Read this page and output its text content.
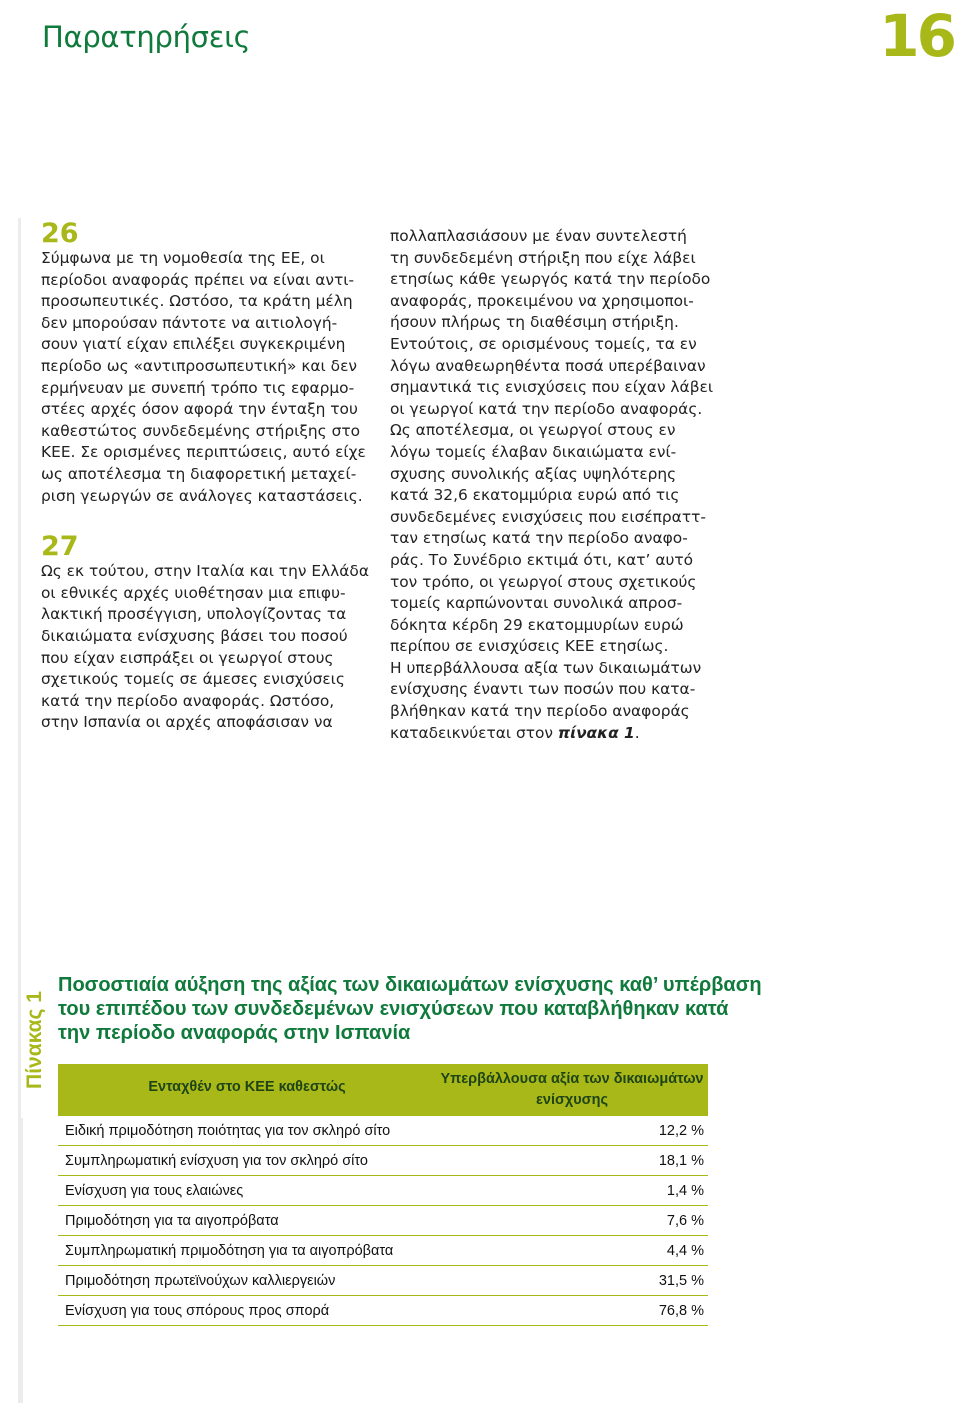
Παρατηρήσεις	16
26
Σύμφωνα με τη νομοθεσία της ΕΕ, οι
περίοδοι αναφοράς πρέπει να είναι αντι-
προσωπευτικές. Ωστόσο, τα κράτη μέλη
δεν μπορούσαν πάντοτε να αιτιολογή-
σουν γιατί είχαν επιλέξει συγκεκριμένη
περίοδο ως «αντιπροσωπευτική» και δεν
ερμήνευαν με συνεπή τρόπο τις εφαρμο-
στέες αρχές όσον αφορά την ένταξη του
καθεστώτος συνδεδεμένης στήριξης στο
ΚΕΕ. Σε ορισμένες περιπτώσεις, αυτό είχε
ως αποτέλεσμα τη διαφορετική μεταχεί-
ριση γεωργών σε ανάλογες καταστάσεις.
27
Ως εκ τούτου, στην Ιταλία και την Ελλάδα
οι εθνικές αρχές υιοθέτησαν μια επιφυ-
λακτική προσέγγιση, υπολογίζοντας τα
δικαιώματα ενίσχυσης βάσει του ποσού
που είχαν εισπράξει οι γεωργοί στους
σχετικούς τομείς σε άμεσες ενισχύσεις
κατά την περίοδο αναφοράς. Ωστόσο,
στην Ισπανία οι αρχές αποφάσισαν να
πολλαπλασιάσουν με έναν συντελεστή
τη συνδεδεμένη στήριξη που είχε λάβει
ετησίως κάθε γεωργός κατά την περίοδο
αναφοράς, προκειμένου να χρησιμοποι-
ήσουν πλήρως τη διαθέσιμη στήριξη.
Εντούτοις, σε ορισμένους τομείς, τα εν
λόγω αναθεωρηθέντα ποσά υπερέβαιναν
σημαντικά τις ενισχύσεις που είχαν λάβει
οι γεωργοί κατά την περίοδο αναφοράς.
Ως αποτέλεσμα, οι γεωργοί στους εν
λόγω τομείς έλαβαν δικαιώματα ενί-
σχυσης συνολικής αξίας υψηλότερης
κατά 32,6 εκατομμύρια ευρώ από τις
συνδεδεμένες ενισχύσεις που εισέπραττ-
ταν ετησίως κατά την περίοδο αναφο-
ράς. Το Συνέδριο εκτιμά ότι, κατ’ αυτό
τον τρόπο, οι γεωργοί στους σχετικούς
τομείς καρπώνονται συνολικά απροσ-
δόκητα κέρδη 29 εκατομμυρίων ευρώ
περίπου σε ενισχύσεις ΚΕΕ ετησίως.
Η υπερβάλλουσα αξία των δικαιωμάτων
ενίσχυσης έναντι των ποσών που κατα-
βλήθηκαν κατά την περίοδο αναφοράς
καταδεικνύεται στον πίνακα 1.
Πίνακας 1
Ποσοστιαία αύξηση της αξίας των δικαιωμάτων ενίσχυσης καθ’ υπέρβαση
του επιπέδου των συνδεδεμένων ενισχύσεων που καταβλήθηκαν κατά
την περίοδο αναφοράς στην Ισπανία
Ενταχθέν στο ΚΕΕ καθεστώς	Υπερβάλλουσα αξία των δικαιωμάτων ενίσχυσης
Ειδική πριμοδότηση ποιότητας για τον σκληρό σίτο	12,2 %
Συμπληρωματική ενίσχυση για τον σκληρό σίτο	18,1 %
Ενίσχυση για τους ελαιώνες	1,4 %
Πριμοδότηση για τα αιγοπρόβατα	7,6 %
Συμπληρωματική πριμοδότηση για τα αιγοπρόβατα	4,4 %
Πριμοδότηση πρωτεϊνούχων καλλιεργειών	31,5 %
Ενίσχυση για τους σπόρους προς σπορά	76,8 %
